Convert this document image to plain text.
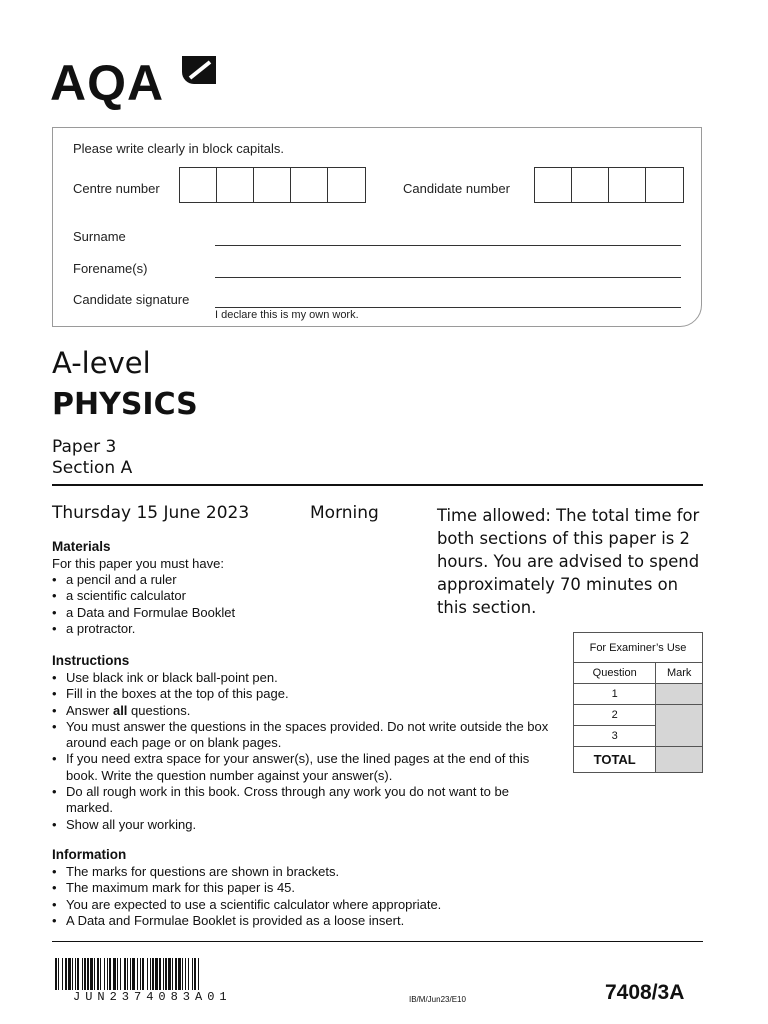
AQA
Please write clearly in block capitals.
Centre number	Candidate number
Surname
Forename(s)
Candidate signature
I declare this is my own work.
A-level
PHYSICS
Paper 3
Section A
Thursday 15 June 2023	Morning	Time allowed: The total time for both sections of this paper is 2 hours. You are advised to spend approximately 70 minutes on this section.
Materials
For this paper you must have:
• a pencil and a ruler
• a scientific calculator
• a Data and Formulae Booklet
• a protractor.
Instructions
• Use black ink or black ball-point pen.
• Fill in the boxes at the top of this page.
• Answer all questions.
• You must answer the questions in the spaces provided. Do not write outside the box around each page or on blank pages.
• If you need extra space for your answer(s), use the lined pages at the end of this book. Write the question number against your answer(s).
• Do all rough work in this book. Cross through any work you do not want to be marked.
• Show all your working.
Information
• The marks for questions are shown in brackets.
• The maximum mark for this paper is 45.
• You are expected to use a scientific calculator where appropriate.
• A Data and Formulae Booklet is provided as a loose insert.
For Examiner’s Use	
Question	Mark
1	
2	
3	
TOTAL	
JUN2374083A01	IB/M/Jun23/E10	7408/3A
